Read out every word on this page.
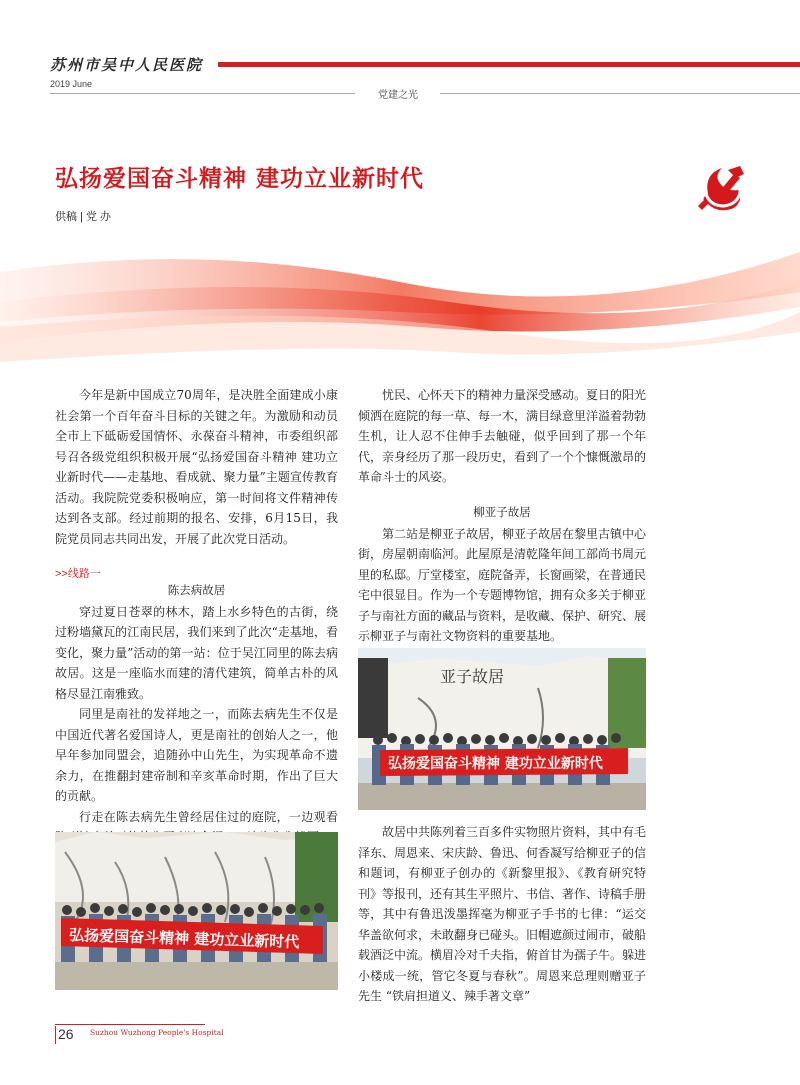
苏州市吴中人民医院
2019 June
党建之光
弘扬爱国奋斗精神 建功立业新时代
供稿 | 党 办

今年是新中国成立70周年，是决胜全面建成小康社会第一个百年奋斗目标的关键之年。为激励和动员全市上下砥砺爱国情怀、永葆奋斗精神，市委组织部号召各级党组织积极开展“弘扬爱国奋斗精神 建功立业新时代——走基地、看成就、聚力量”主题宣传教育活动。我院院党委积极响应，第一时间将文件精神传达到各支部。经过前期的报名、安排，6月15日，我院党员同志共同出发，开展了此次党日活动。

>>线路一
陈去病故居

穿过夏日苍翠的林木，踏上水乡特色的古街，绕过粉墙黛瓦的江南民居，我们来到了此次“走基地，看变化，聚力量”活动的第一站：位于吴江同里的陈去病故居。这是一座临水而建的清代建筑，简单古朴的风格尽显江南雅致。

同里是南社的发祥地之一，而陈去病先生不仅是中国近代著名爱国诗人，更是南社的创始人之一，他早年参加同盟会，追随孙中山先生，为实现革命不遗余力，在推翻封建帝制和辛亥革命时期，作出了巨大的贡献。

行走在陈去病先生曾经居住过的庭院，一边观看

弘扬爱国奋斗精神 建功立业新时代

忧民、心怀天下的精神力量深受感动。夏日的阳光倾洒在庭院的每一草、每一木，满目绿意里洋溢着勃勃生机，让人忍不住伸手去触碰，似乎回到了那一个年代，亲身经历了那一段历史，看到了一个个慷慨激昂的革命斗士的风姿。

柳亚子故居

第二站是柳亚子故居，柳亚子故居在黎里古镇中心街，房屋朝南临河。此屋原是清乾隆年间工部尚书周元里的私邸。厅堂楼室，庭院备弄，长窗画梁，在普通民宅中很显目。作为一个专题博物馆，拥有众多关于柳亚子与南社方面的藏品与资料，是收藏、保护、研究、展示柳亚子与南社文物资料的重要基地。

亚子故居
弘扬爱国奋斗精神 建功立业新时代

故居中共陈列着三百多件实物照片资料，其中有毛泽东、周恩来、宋庆龄、鲁迅、何香凝写给柳亚子的信和题词，有柳亚子创办的《新黎里报》、《教育研究特刊》等报刊，还有其生平照片、书信、著作、诗稿手册等，其中有鲁迅泼墨挥毫为柳亚子手书的七律：“运交华盖欲何求，未敢翻身已碰头。旧帽遮颜过闹市，破船载酒泛中流。横眉冷对千夫指，俯首甘为孺子牛。躲进小楼成一统，管它冬夏与春秋”。周恩来总理则赠亚子先生 “铁肩担道义、辣手著文章”

26 Suzhou Wuzhong People's Hospital
